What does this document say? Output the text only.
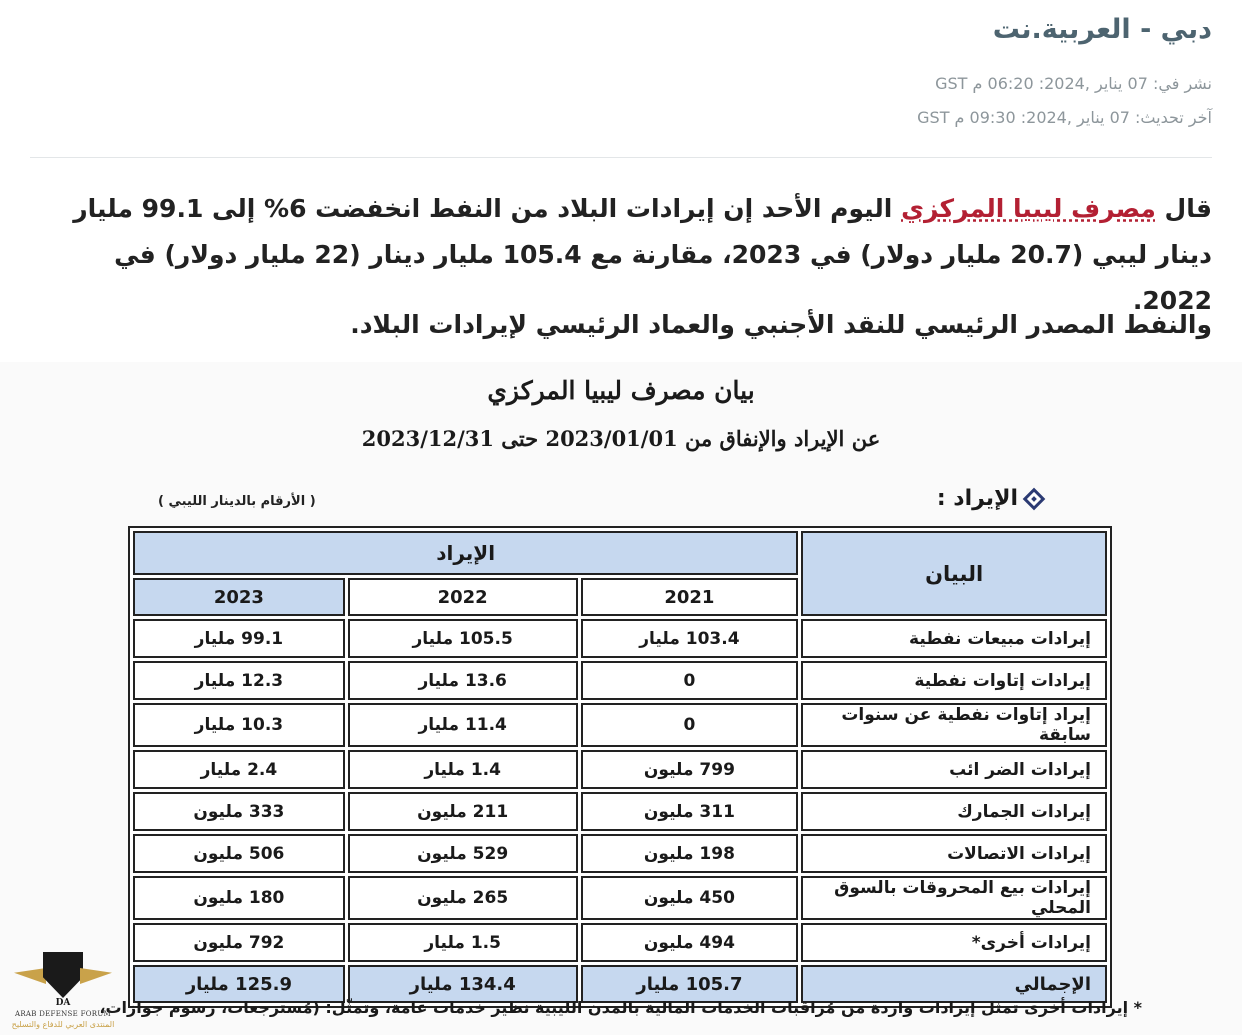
دبي - العربية.نت
نشر في: 07 يناير ,2024: 06:20 م GST
آخر تحديث: 07 يناير ,2024: 09:30 م GST
قال مصرف ليبيا المركزي اليوم الأحد إن إيرادات البلاد من النفط انخفضت 6% إلى 99.1 مليار دينار ليبي (20.7 مليار دولار) في 2023، مقارنة مع 105.4 مليار دينار (22 مليار دولار) في 2022.
والنفط المصدر الرئيسي للنقد الأجنبي والعماد الرئيسي لإيرادات البلاد.
بيان مصرف ليبيا المركزي
عن الإيراد والإنفاق من 2023/01/01 حتى 2023/12/31
الإيراد :
( الأرقام بالدينار الليبي )
البيان	الإيراد		
	2021	2022	2023
إيرادات مبيعات نفطية	103.4 مليار	105.5 مليار	99.1 مليار
إيرادات إتاوات نفطية	0	13.6 مليار	12.3 مليار
إيراد إتاوات نفطية عن سنوات سابقة	0	11.4 مليار	10.3 مليار
إيرادات الضر ائب	799 مليون	1.4 مليار	2.4 مليار
إيرادات الجمارك	311 مليون	211 مليون	333 مليون
إيرادات الاتصالات	198 مليون	529 مليون	506 مليون
إيرادات بيع المحروقات بالسوق المحلي	450 مليون	265 مليون	180 مليون
إيرادات أخرى*	494 مليون	1.5 مليار	792 مليون
الإجمالي	105.7 مليار	134.4 مليار	125.9 مليار
* إيرادات أخرى تمثل إيرادات واردة من مُراقبات الخدمات المالية بالمدن الليبية نظير خدمات عامة، وتمثّل: (مُسترجعات، رسوم جوازات،
DA
ARAB DEFENSE FORUM
المنتدى العربي للدفاع والتسليح
